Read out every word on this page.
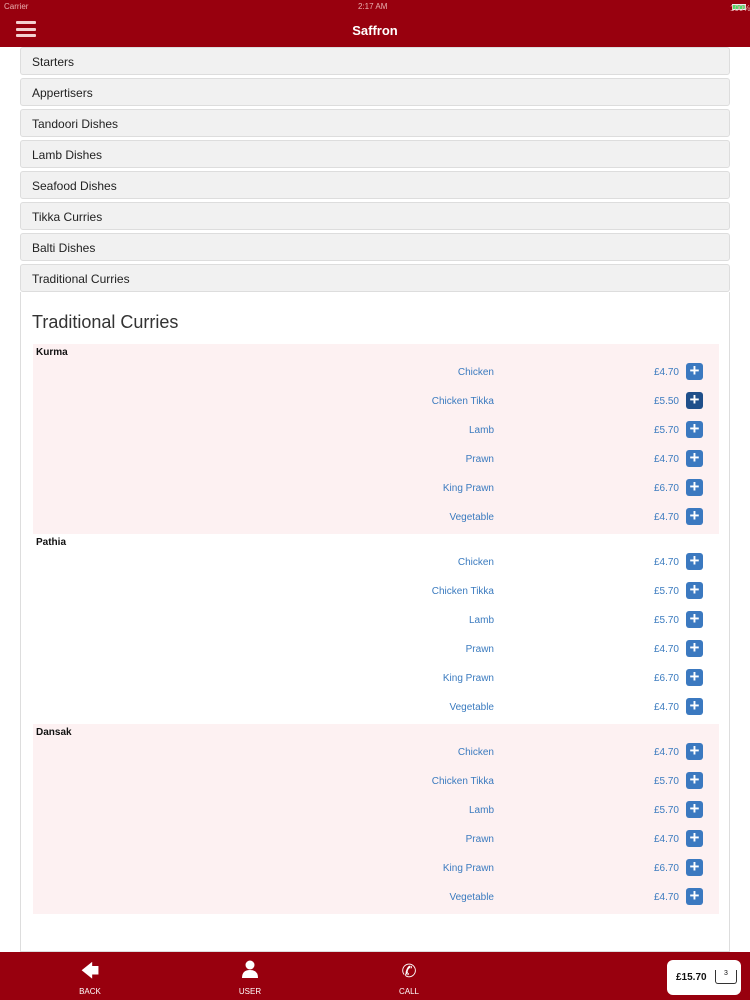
Carrier	2:17 AM	100%
Saffron
Starters
Appertisers
Tandoori Dishes
Lamb Dishes
Seafood Dishes
Tikka Curries
Balti Dishes
Traditional Curries
Traditional Curries
Kurma
Chicken	£4.70 +
Chicken Tikka	£5.50 +
Lamb	£5.70 +
Prawn	£4.70 +
King Prawn	£6.70 +
Vegetable	£4.70 +
Pathia
Chicken	£4.70 +
Chicken Tikka	£5.70 +
Lamb	£5.70 +
Prawn	£4.70 +
King Prawn	£6.70 +
Vegetable	£4.70 +
Dansak
Chicken	£4.70 +
Chicken Tikka	£5.70 +
Lamb	£5.70 +
Prawn	£4.70 +
King Prawn	£6.70 +
Vegetable	£4.70 +
🡄
BACK	USER
✆
CALL
£15.70	3
